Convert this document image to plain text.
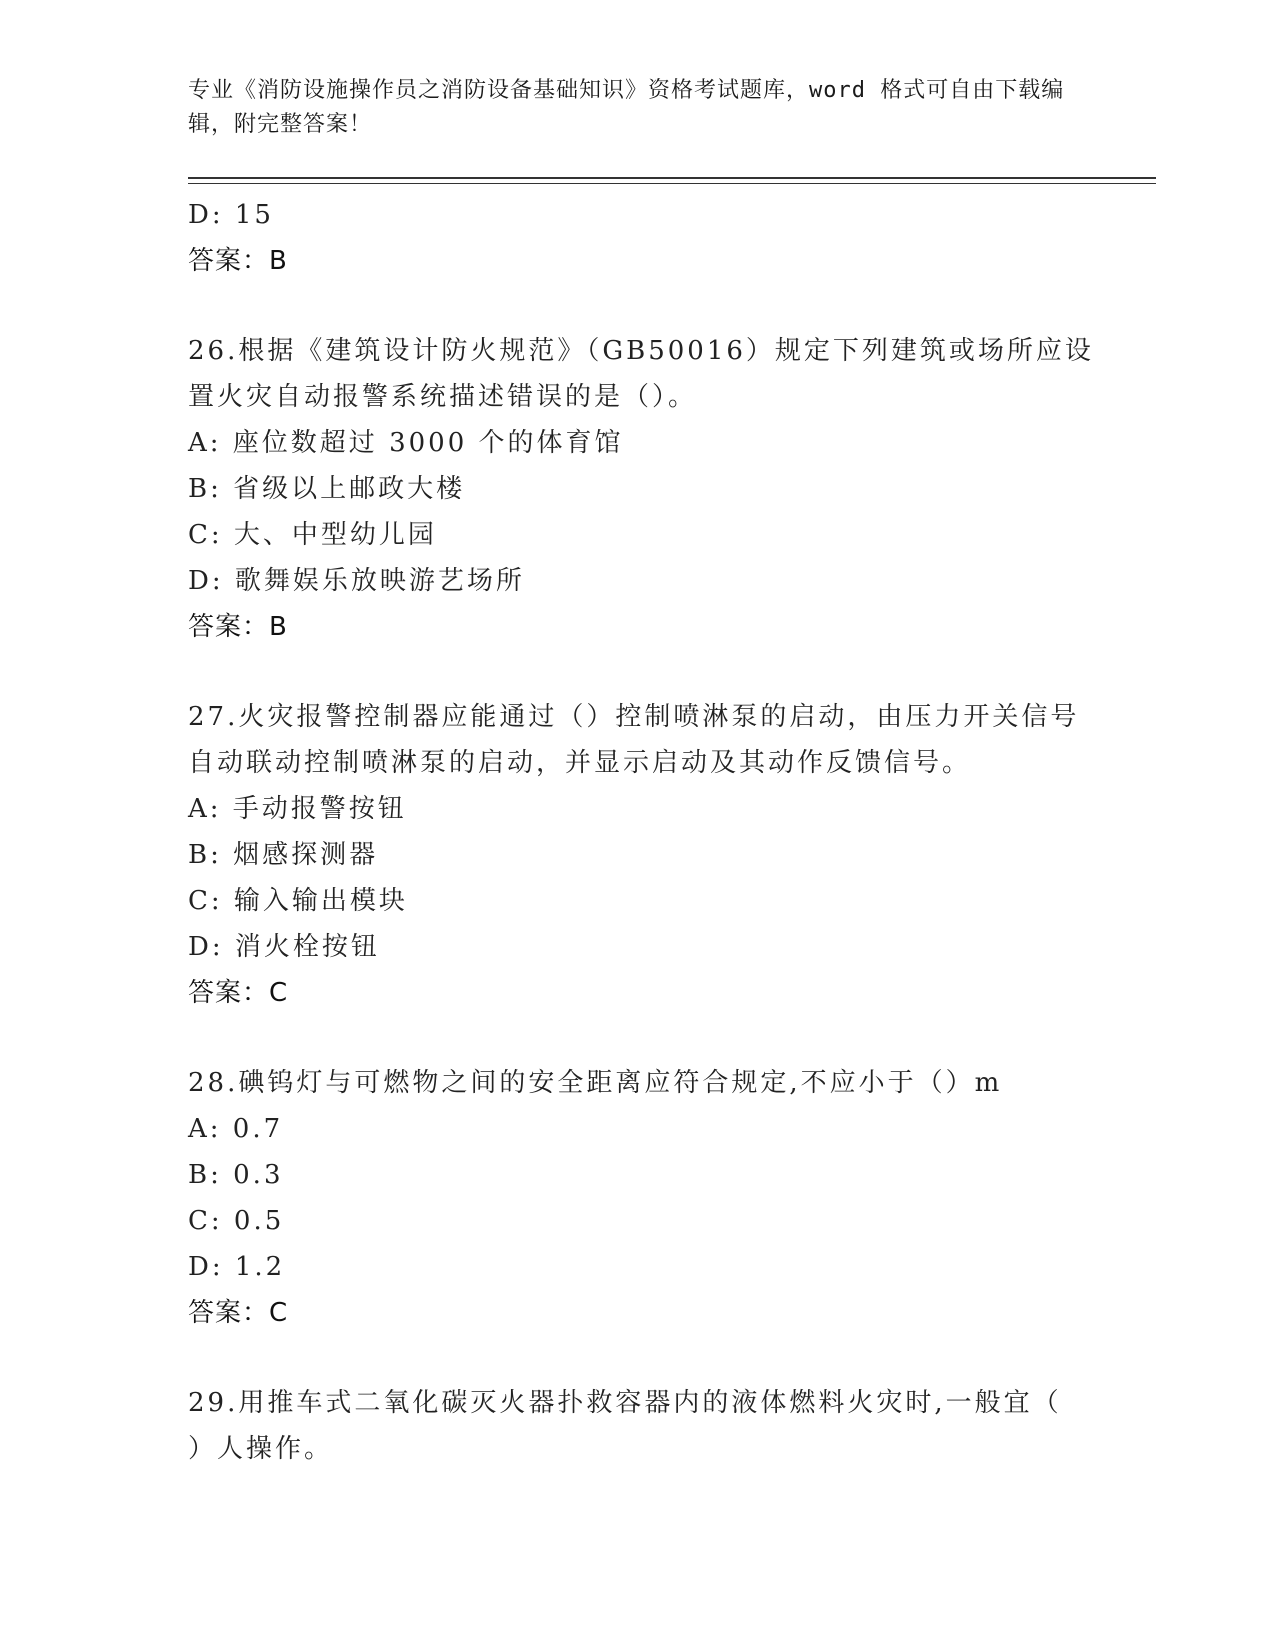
专业《消防设施操作员之消防设备基础知识》资格考试题库，word 格式可自由下载编辑，附完整答案！
D: 15
答案：B
26.根据《建筑设计防火规范》（GB50016）规定下列建筑或场所应设
置火灾自动报警系统描述错误的是（）。
A: 座位数超过 3000 个的体育馆
B: 省级以上邮政大楼
C: 大、中型幼儿园
D: 歌舞娱乐放映游艺场所
答案：B
27.火灾报警控制器应能通过（）控制喷淋泵的启动，由压力开关信号
自动联动控制喷淋泵的启动，并显示启动及其动作反馈信号。
A: 手动报警按钮
B: 烟感探测器
C: 输入输出模块
D: 消火栓按钮
答案：C
28.碘钨灯与可燃物之间的安全距离应符合规定,不应小于（）m
A: 0.7
B: 0.3
C: 0.5
D: 1.2
答案：C
29.用推车式二氧化碳灭火器扑救容器内的液体燃料火灾时,一般宜（
）人操作。
